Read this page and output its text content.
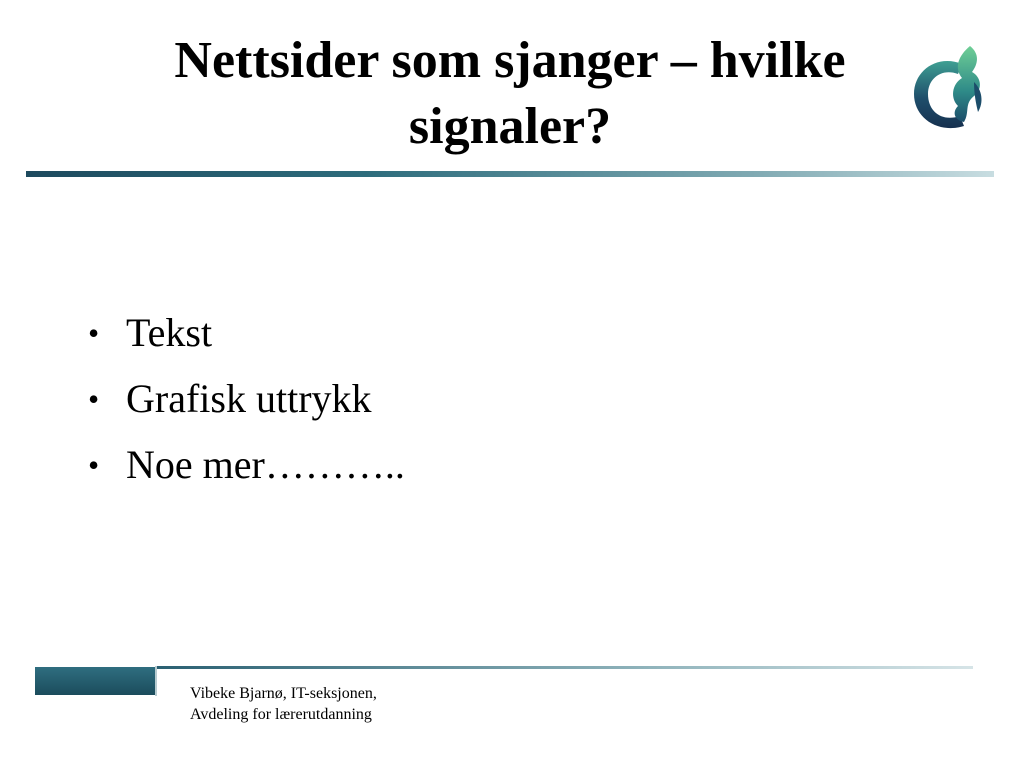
Nettsider som sjanger – hvilke
signaler?
• Tekst
• Grafisk uttrykk
• Noe mer………..
Vibeke Bjarnø, IT-seksjonen,
Avdeling for lærerutdanning
